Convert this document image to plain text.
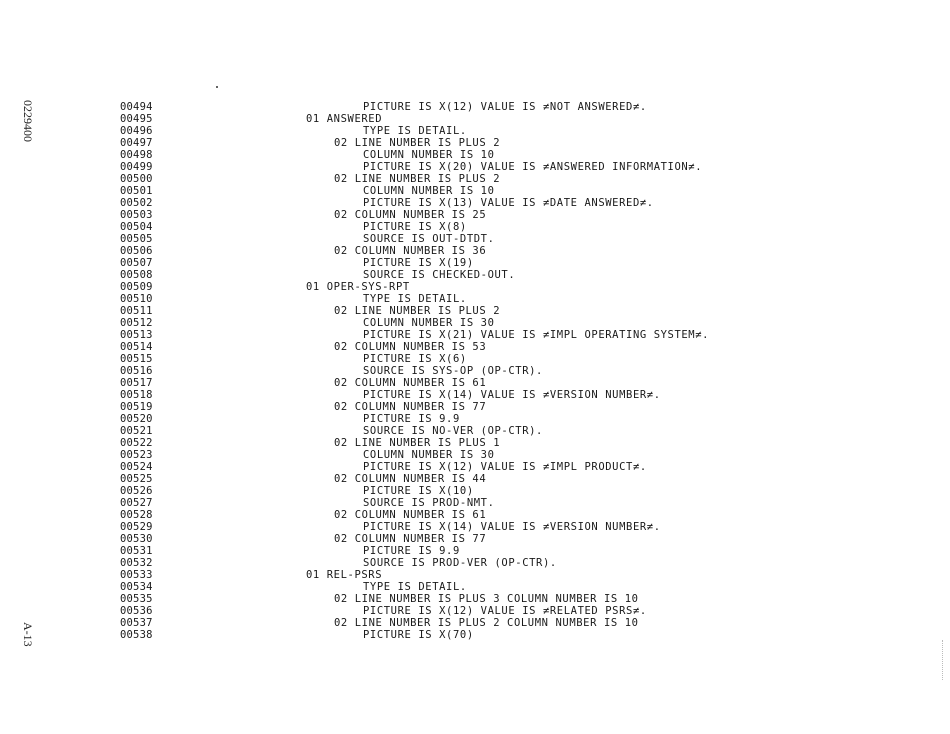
0229400
A-13
00494	PICTURE IS X(12) VALUE IS ≠NOT ANSWERED≠.
00495	01 ANSWERED
00496	TYPE IS DETAIL.
00497	02 LINE NUMBER IS PLUS 2
00498	COLUMN NUMBER IS 10
00499	PICTURE IS X(20) VALUE IS ≠ANSWERED INFORMATION≠.
00500	02 LINE NUMBER IS PLUS 2
00501	COLUMN NUMBER IS 10
00502	PICTURE IS X(13) VALUE IS ≠DATE ANSWERED≠.
00503	02 COLUMN NUMBER IS 25
00504	PICTURE IS X(8)
00505	SOURCE IS OUT-DTDT.
00506	02 COLUMN NUMBER IS 36
00507	PICTURE IS X(19)
00508	SOURCE IS CHECKED-OUT.
00509	01 OPER-SYS-RPT
00510	TYPE IS DETAIL.
00511	02 LINE NUMBER IS PLUS 2
00512	COLUMN NUMBER IS 30
00513	PICTURE IS X(21) VALUE IS ≠IMPL OPERATING SYSTEM≠.
00514	02 COLUMN NUMBER IS 53
00515	PICTURE IS X(6)
00516	SOURCE IS SYS-OP (OP-CTR).
00517	02 COLUMN NUMBER IS 61
00518	PICTURE IS X(14) VALUE IS ≠VERSION NUMBER≠.
00519	02 COLUMN NUMBER IS 77
00520	PICTURE IS 9.9
00521	SOURCE IS NO-VER (OP-CTR).
00522	02 LINE NUMBER IS PLUS 1
00523	COLUMN NUMBER IS 30
00524	PICTURE IS X(12) VALUE IS ≠IMPL PRODUCT≠.
00525	02 COLUMN NUMBER IS 44
00526	PICTURE IS X(10)
00527	SOURCE IS PROD-NMT.
00528	02 COLUMN NUMBER IS 61
00529	PICTURE IS X(14) VALUE IS ≠VERSION NUMBER≠.
00530	02 COLUMN NUMBER IS 77
00531	PICTURE IS 9.9
00532	SOURCE IS PROD-VER (OP-CTR).
00533	01 REL-PSRS
00534	TYPE IS DETAIL.
00535	02 LINE NUMBER IS PLUS 3 COLUMN NUMBER IS 10
00536	PICTURE IS X(12) VALUE IS ≠RELATED PSRS≠.
00537	02 LINE NUMBER IS PLUS 2 COLUMN NUMBER IS 10
00538	PICTURE IS X(70)
